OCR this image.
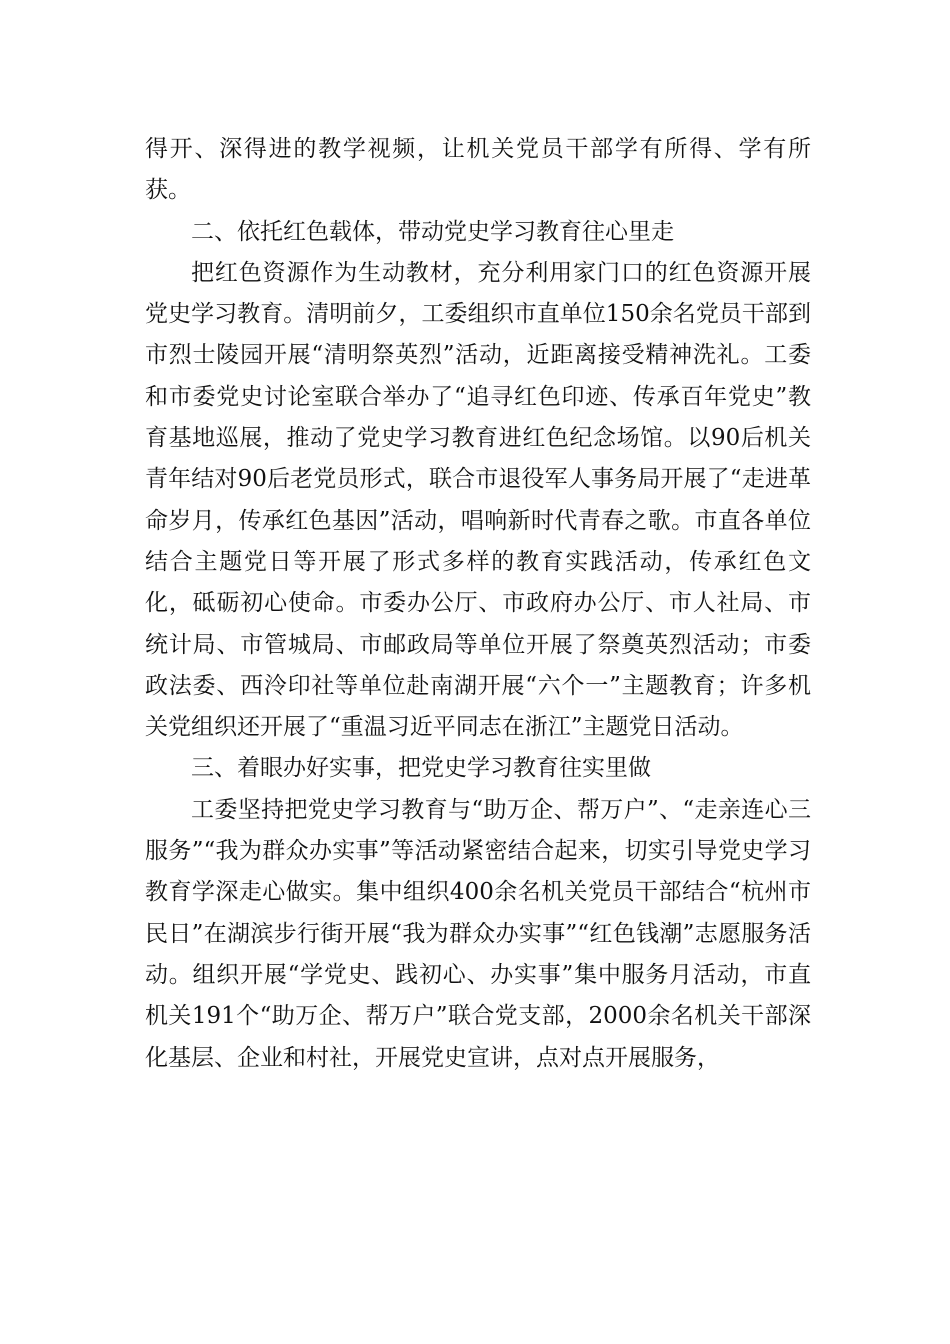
得开、深得进的教学视频，让机关党员干部学有所得、学有所获。

二、依托红色载体，带动党史学习教育往心里走

把红色资源作为生动教材，充分利用家门口的红色资源开展党史学习教育。清明前夕，工委组织市直单位150余名党员干部到市烈士陵园开展“清明祭英烈”活动，近距离接受精神洗礼。工委和市委党史讨论室联合举办了“追寻红色印迹、传承百年党史”教育基地巡展，推动了党史学习教育进红色纪念场馆。以90后机关青年结对90后老党员形式，联合市退役军人事务局开展了“走进革命岁月，传承红色基因”活动，唱响新时代青春之歌。市直各单位结合主题党日等开展了形式多样的教育实践活动，传承红色文化，砥砺初心使命。市委办公厅、市政府办公厅、市人社局、市统计局、市管城局、市邮政局等单位开展了祭奠英烈活动；市委政法委、西泠印社等单位赴南湖开展“六个一”主题教育；许多机关党组织还开展了“重温习近平同志在浙江”主题党日活动。

三、着眼办好实事，把党史学习教育往实里做

工委坚持把党史学习教育与“助万企、帮万户”、“走亲连心三服务”“我为群众办实事”等活动紧密结合起来，切实引导党史学习教育学深走心做实。集中组织400余名机关党员干部结合“杭州市民日”在湖滨步行街开展“我为群众办实事”“红色钱潮”志愿服务活动。组织开展“学党史、践初心、办实事”集中服务月活动，市直机关191个“助万企、帮万户”联合党支部，2000余名机关干部深化基层、企业和村社，开展党史宣讲，点对点开展服务，
